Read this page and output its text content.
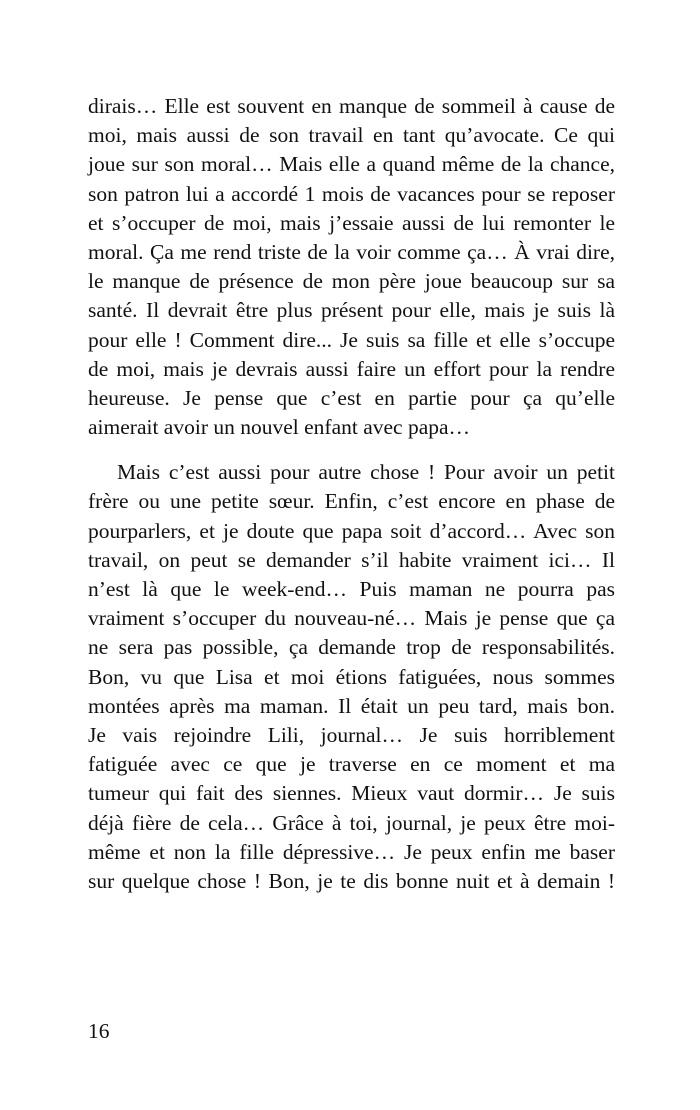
dirais… Elle est souvent en manque de sommeil à cause de
moi, mais aussi de son travail en tant qu’avocate. Ce qui
joue sur son moral… Mais elle a quand même de la chance,
son patron lui a accordé 1 mois de vacances pour se reposer
et s’occuper de moi, mais j’essaie aussi de lui remonter le
moral. Ça me rend triste de la voir comme ça… À vrai dire,
le manque de présence de mon père joue beaucoup sur sa
santé. Il devrait être plus présent pour elle, mais je suis là
pour elle ! Comment dire... Je suis sa fille et elle s’occupe
de moi, mais je devrais aussi faire un effort pour la rendre
heureuse. Je pense que c’est en partie pour ça qu’elle
aimerait avoir un nouvel enfant avec papa…
Mais c’est aussi pour autre chose ! Pour avoir un petit
frère ou une petite sœur. Enfin, c’est encore en phase de
pourparlers, et je doute que papa soit d’accord… Avec son
travail, on peut se demander s’il habite vraiment ici… Il
n’est là que le week-end… Puis maman ne pourra pas
vraiment s’occuper du nouveau-né… Mais je pense que ça
ne sera pas possible, ça demande trop de responsabilités.
Bon, vu que Lisa et moi étions fatiguées, nous sommes
montées après ma maman. Il était un peu tard, mais bon.
Je vais rejoindre Lili, journal… Je suis horriblement
fatiguée avec ce que je traverse en ce moment et ma
tumeur qui fait des siennes. Mieux vaut dormir… Je suis
déjà fière de cela… Grâce à toi, journal, je peux être moi-
même et non la fille dépressive… Je peux enfin me baser
sur quelque chose ! Bon, je te dis bonne nuit et à demain !
16
